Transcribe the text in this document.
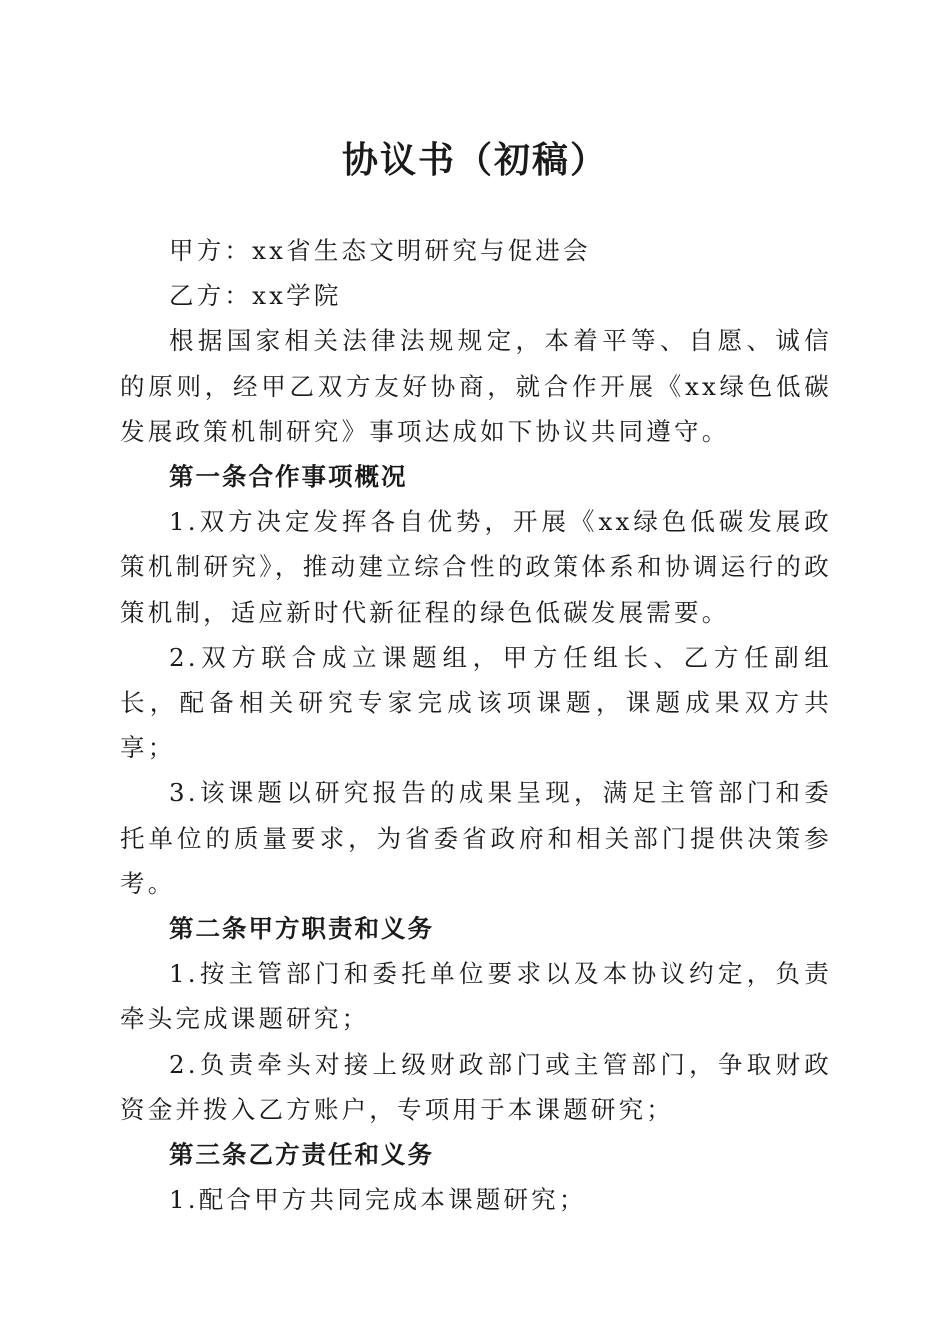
协议书（初稿）

甲方：xx省生态文明研究与促进会

乙方：xx学院

根据国家相关法律法规规定，本着平等、自愿、诚信的原则，经甲乙双方友好协商，就合作开展《xx绿色低碳发展政策机制研究》事项达成如下协议共同遵守。

第一条合作事项概况

1.双方决定发挥各自优势，开展《xx绿色低碳发展政策机制研究》，推动建立综合性的政策体系和协调运行的政策机制，适应新时代新征程的绿色低碳发展需要。

2.双方联合成立课题组，甲方任组长、乙方任副组长，配备相关研究专家完成该项课题，课题成果双方共享；

3.该课题以研究报告的成果呈现，满足主管部门和委托单位的质量要求，为省委省政府和相关部门提供决策参考。

第二条甲方职责和义务

1.按主管部门和委托单位要求以及本协议约定，负责牵头完成课题研究；

2.负责牵头对接上级财政部门或主管部门，争取财政资金并拨入乙方账户，专项用于本课题研究；

第三条乙方责任和义务

1.配合甲方共同完成本课题研究；
